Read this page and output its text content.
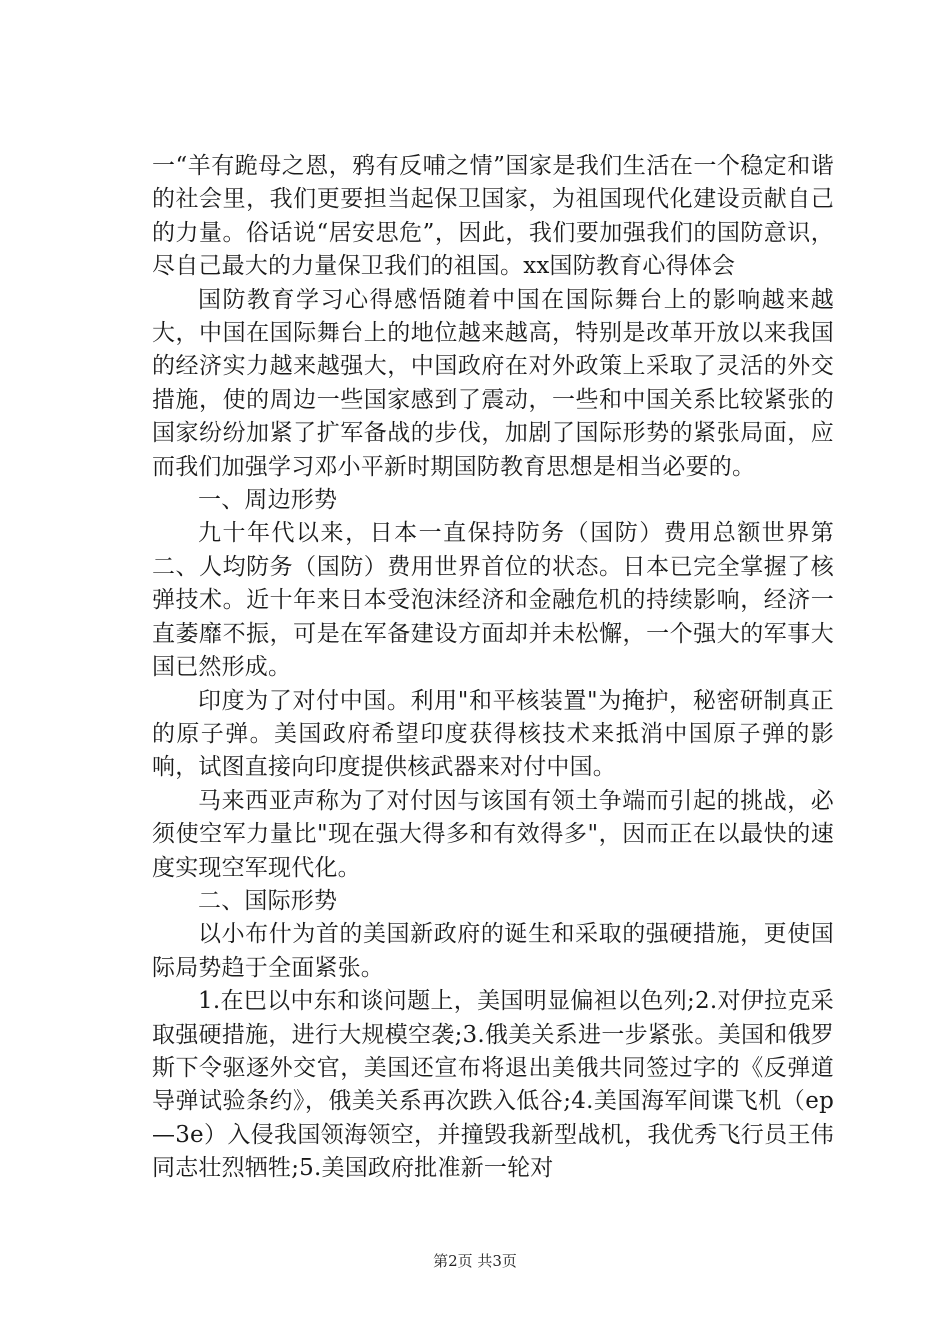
一“羊有跪母之恩，鸦有反哺之情”国家是我们生活在一个稳定和谐的社会里，我们更要担当起保卫国家，为祖国现代化建设贡献自己的力量。俗话说“居安思危”，因此，我们要加强我们的国防意识，尽自己最大的力量保卫我们的祖国。xx国防教育心得体会

国防教育学习心得感悟随着中国在国际舞台上的影响越来越大，中国在国际舞台上的地位越来越高，特别是改革开放以来我国的经济实力越来越强大，中国政府在对外政策上采取了灵活的外交措施，使的周边一些国家感到了震动，一些和中国关系比较紧张的国家纷纷加紧了扩军备战的步伐，加剧了国际形势的紧张局面，应而我们加强学习邓小平新时期国防教育思想是相当必要的。

一、周边形势

九十年代以来，日本一直保持防务（国防）费用总额世界第二、人均防务（国防）费用世界首位的状态。日本已完全掌握了核弹技术。近十年来日本受泡沫经济和金融危机的持续影响，经济一直萎靡不振，可是在军备建设方面却并未松懈，一个强大的军事大国已然形成。

印度为了对付中国。利用"和平核装置"为掩护，秘密研制真正的原子弹。美国政府希望印度获得核技术来抵消中国原子弹的影响，试图直接向印度提供核武器来对付中国。

马来西亚声称为了对付因与该国有领土争端而引起的挑战，必须使空军力量比"现在强大得多和有效得多"，因而正在以最快的速度实现空军现代化。

二、国际形势

以小布什为首的美国新政府的诞生和采取的强硬措施，更使国际局势趋于全面紧张。

1.在巴以中东和谈问题上，美国明显偏袒以色列;2.对伊拉克采取强硬措施，进行大规模空袭;3.俄美关系进一步紧张。美国和俄罗斯下令驱逐外交官，美国还宣布将退出美俄共同签过字的《反弹道导弹试验条约》，俄美关系再次跌入低谷;4.美国海军间谍飞机（ep—3e）入侵我国领海领空，并撞毁我新型战机，我优秀飞行员王伟同志壮烈牺牲;5.美国政府批准新一轮对

第2页 共3页
